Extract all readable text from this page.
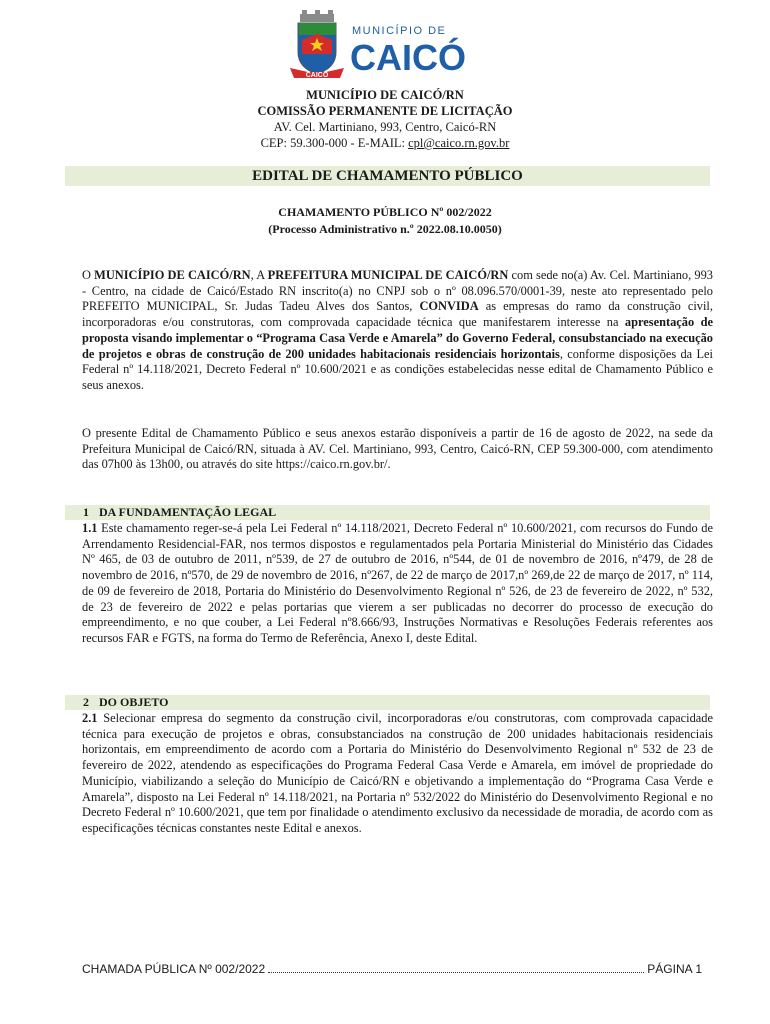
CAICÓ
MUNICÍPIO DE
CAICÓ
MUNICÍPIO DE CAICÓ/RN
COMISSÃO PERMANENTE DE LICITAÇÃO
AV. Cel. Martiniano, 993, Centro, Caicó-RN
CEP: 59.300-000 - E-MAIL: cpl@caico.rn.gov.br
EDITAL DE CHAMAMENTO PÚBLICO
CHAMAMENTO PÚBLICO Nº 002/2022
(Processo Administrativo n.º 2022.08.10.0050)
O MUNICÍPIO DE CAICÓ/RN, A PREFEITURA MUNICIPAL DE CAICÓ/RN com sede no(a) Av. Cel. Martiniano, 993 - Centro, na cidade de Caicó/Estado RN inscrito(a) no CNPJ sob o nº 08.096.570/0001-39, neste ato representado pelo PREFEITO MUNICIPAL, Sr. Judas Tadeu Alves dos Santos, CONVIDA as empresas do ramo da construção civil, incorporadoras e/ou construtoras, com comprovada capacidade técnica que manifestarem interesse na apresentação de proposta visando implementar o “Programa Casa Verde e Amarela” do Governo Federal, consubstanciado na execução de projetos e obras de construção de 200 unidades habitacionais residenciais horizontais, conforme disposições da Lei Federal nº 14.118/2021, Decreto Federal nº 10.600/2021 e as condições estabelecidas nesse edital de Chamamento Público e seus anexos.
O presente Edital de Chamamento Público e seus anexos estarão disponíveis a partir de 16 de agosto de 2022, na sede da Prefeitura Municipal de Caicó/RN, situada à AV. Cel. Martiniano, 993, Centro, Caicó-RN, CEP 59.300-000, com atendimento das 07h00 às 13h00, ou através do site https://caico.rn.gov.br/.
1 DA FUNDAMENTAÇÃO LEGAL
1.1 Este chamamento reger-se-á pela Lei Federal nº 14.118/2021, Decreto Federal nº 10.600/2021, com recursos do Fundo de Arrendamento Residencial-FAR, nos termos dispostos e regulamentados pela Portaria Ministerial do Ministério das Cidades Nº 465, de 03 de outubro de 2011, nº539, de 27 de outubro de 2016, nº544, de 01 de novembro de 2016, nº479, de 28 de novembro de 2016, nº570, de 29 de novembro de 2016, nº267, de 22 de março de 2017,nº 269,de 22 de março de 2017, nº 114, de 09 de fevereiro de 2018, Portaria do Ministério do Desenvolvimento Regional nº 526, de 23 de fevereiro de 2022, nº 532, de 23 de fevereiro de 2022 e pelas portarias que vierem a ser publicadas no decorrer do processo de execução do empreendimento, e no que couber, a Lei Federal nº8.666/93, Instruções Normativas e Resoluções Federais referentes aos recursos FAR e FGTS, na forma do Termo de Referência, Anexo I, deste Edital.
2 DO OBJETO
2.1 Selecionar empresa do segmento da construção civil, incorporadoras e/ou construtoras, com comprovada capacidade técnica para execução de projetos e obras, consubstanciados na construção de 200 unidades habitacionais residenciais horizontais, em empreendimento de acordo com a Portaria do Ministério do Desenvolvimento Regional nº 532 de 23 de fevereiro de 2022, atendendo as especificações do Programa Federal Casa Verde e Amarela, em imóvel de propriedade do Município, viabilizando a seleção do Município de Caicó/RN e objetivando a implementação do “Programa Casa Verde e Amarela”, disposto na Lei Federal nº 14.118/2021, na Portaria nº 532/2022 do Ministério do Desenvolvimento Regional e no Decreto Federal nº 10.600/2021, que tem por finalidade o atendimento exclusivo da necessidade de moradia, de acordo com as especificações técnicas constantes neste Edital e anexos.
CHAMADA PÚBLICA Nº 002/2022	PÁGINA 1
